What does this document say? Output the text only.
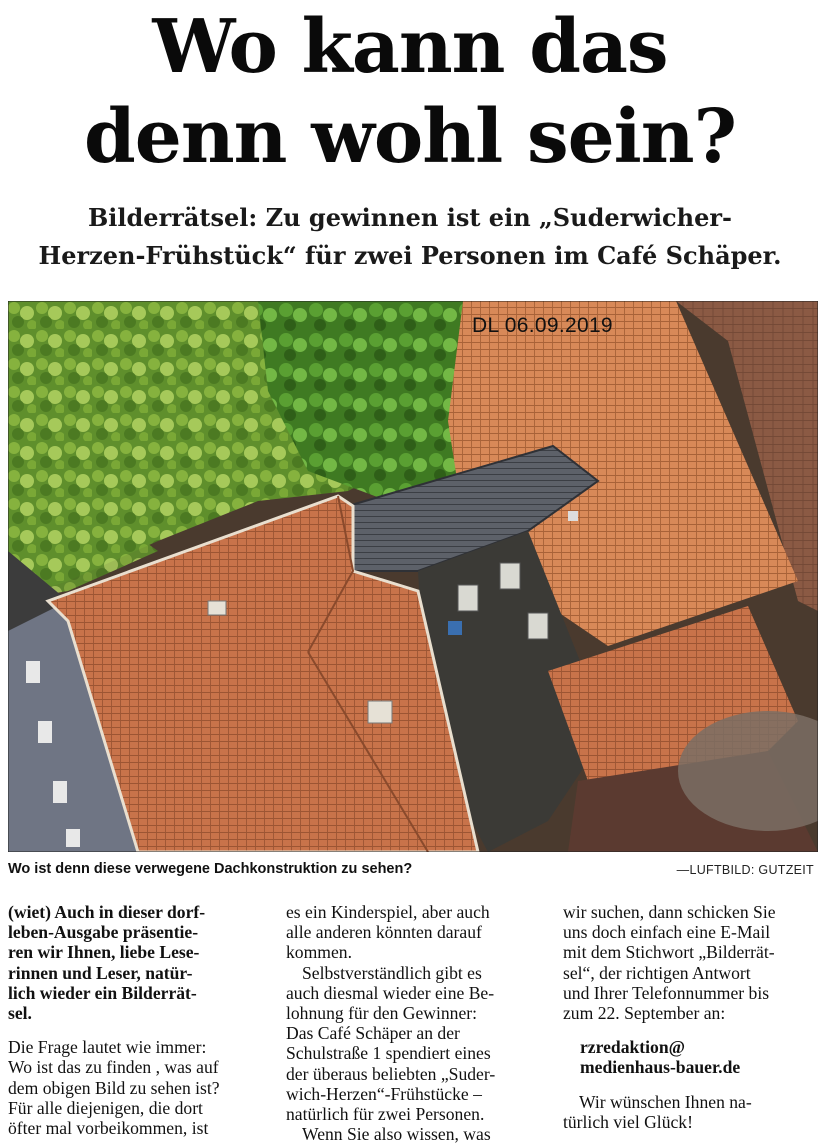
Wo kann das
denn wohl sein?
Bilderrätsel: Zu gewinnen ist ein „Suderwicher-
Herzen-Frühstück“ für zwei Personen im Café Schäper.
DL 06.09.2019
Wo ist denn diese verwegene Dachkonstruktion zu sehen?	—LUFTBILD: GUTZEIT

(wiet) Auch in dieser dorf-
leben-Ausgabe präsentie-
ren wir Ihnen, liebe Lese-
rinnen und Leser, natür-
lich wieder ein Bilderrät-
sel.

Die Frage lautet wie immer:
Wo ist das zu finden , was auf
dem obigen Bild zu sehen ist?
Für alle diejenigen, die dort
öfter mal vorbeikommen, ist

es ein Kinderspiel, aber auch
alle anderen könnten darauf
kommen.

Selbstverständlich gibt es
auch diesmal wieder eine Be-
lohnung für den Gewinner:
Das Café Schäper an der
Schulstraße 1 spendiert eines
der überaus beliebten „Suder-
wich-Herzen“-Frühstücke –
natürlich für zwei Personen.

Wenn Sie also wissen, was

wir suchen, dann schicken Sie
uns doch einfach eine E-Mail
mit dem Stichwort „Bilderrät-
sel“, der richtigen Antwort
und Ihrer Telefonnummer bis
zum 22. September an:

rzredaktion@
medienhaus-bauer.de

Wir wünschen Ihnen na-
türlich viel Glück!
